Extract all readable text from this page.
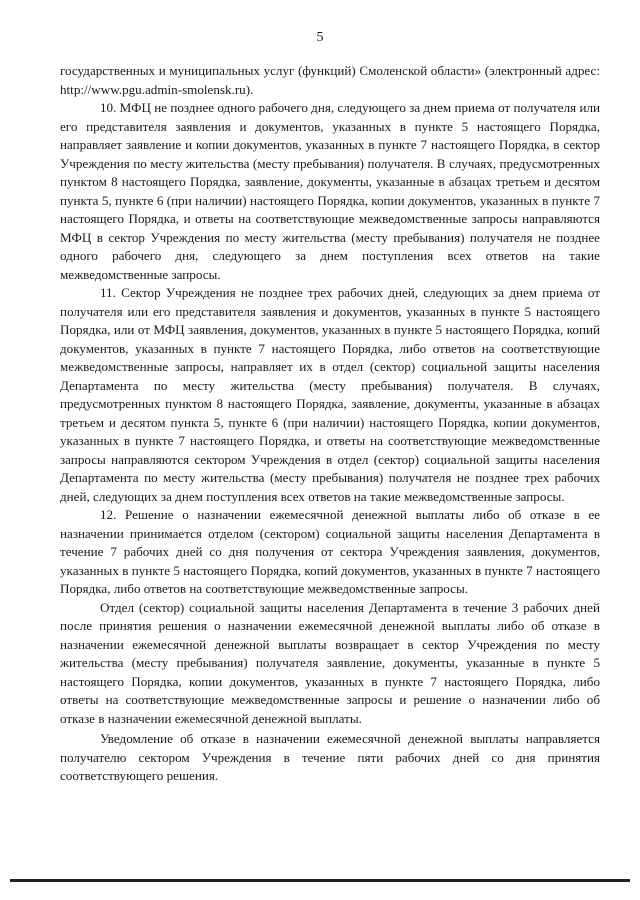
5

государственных и муниципальных услуг (функций) Смоленской области» (электронный адрес: http://www.pgu.admin-smolensk.ru).

10. МФЦ не позднее одного рабочего дня, следующего за днем приема от получателя или его представителя заявления и документов, указанных в пункте 5 настоящего Порядка, направляет заявление и копии документов, указанных в пункте 7 настоящего Порядка, в сектор Учреждения по месту жительства (месту пребывания) получателя. В случаях, предусмотренных пунктом 8 настоящего Порядка, заявление, документы, указанные в абзацах третьем и десятом пункта 5, пункте 6 (при наличии) настоящего Порядка, копии документов, указанных в пункте 7 настоящего Порядка, и ответы на соответствующие межведомственные запросы направляются МФЦ в сектор Учреждения по месту жительства (месту пребывания) получателя не позднее одного рабочего дня, следующего за днем поступления всех ответов на такие межведомственные запросы.

11. Сектор Учреждения не позднее трех рабочих дней, следующих за днем приема от получателя или его представителя заявления и документов, указанных в пункте 5 настоящего Порядка, или от МФЦ заявления, документов, указанных в пункте 5 настоящего Порядка, копий документов, указанных в пункте 7 настоящего Порядка, либо ответов на соответствующие межведомственные запросы, направляет их в отдел (сектор) социальной защиты населения Департамента по месту жительства (месту пребывания) получателя. В случаях, предусмотренных пунктом 8 настоящего Порядка, заявление, документы, указанные в абзацах третьем и десятом пункта 5, пункте 6 (при наличии) настоящего Порядка, копии документов, указанных в пункте 7 настоящего Порядка, и ответы на соответствующие межведомственные запросы направляются сектором Учреждения в отдел (сектор) социальной защиты населения Департамента по месту жительства (месту пребывания) получателя не позднее трех рабочих дней, следующих за днем поступления всех ответов на такие межведомственные запросы.

12. Решение о назначении ежемесячной денежной выплаты либо об отказе в ее назначении принимается отделом (сектором) социальной защиты населения Департамента в течение 7 рабочих дней со дня получения от сектора Учреждения заявления, документов, указанных в пункте 5 настоящего Порядка, копий документов, указанных в пункте 7 настоящего Порядка, либо ответов на соответствующие межведомственные запросы.

Отдел (сектор) социальной защиты населения Департамента в течение 3 рабочих дней после принятия решения о назначении ежемесячной денежной выплаты либо об отказе в назначении ежемесячной денежной выплаты возвращает в сектор Учреждения по месту жительства (месту пребывания) получателя заявление, документы, указанные в пункте 5 настоящего Порядка, копии документов, указанных в пункте 7 настоящего Порядка, либо ответы на соответствующие межведомственные запросы и решение о назначении либо об отказе в назначении ежемесячной денежной выплаты.

Уведомление об отказе в назначении ежемесячной денежной выплаты направляется получателю сектором Учреждения в течение пяти рабочих дней со дня принятия соответствующего решения.
